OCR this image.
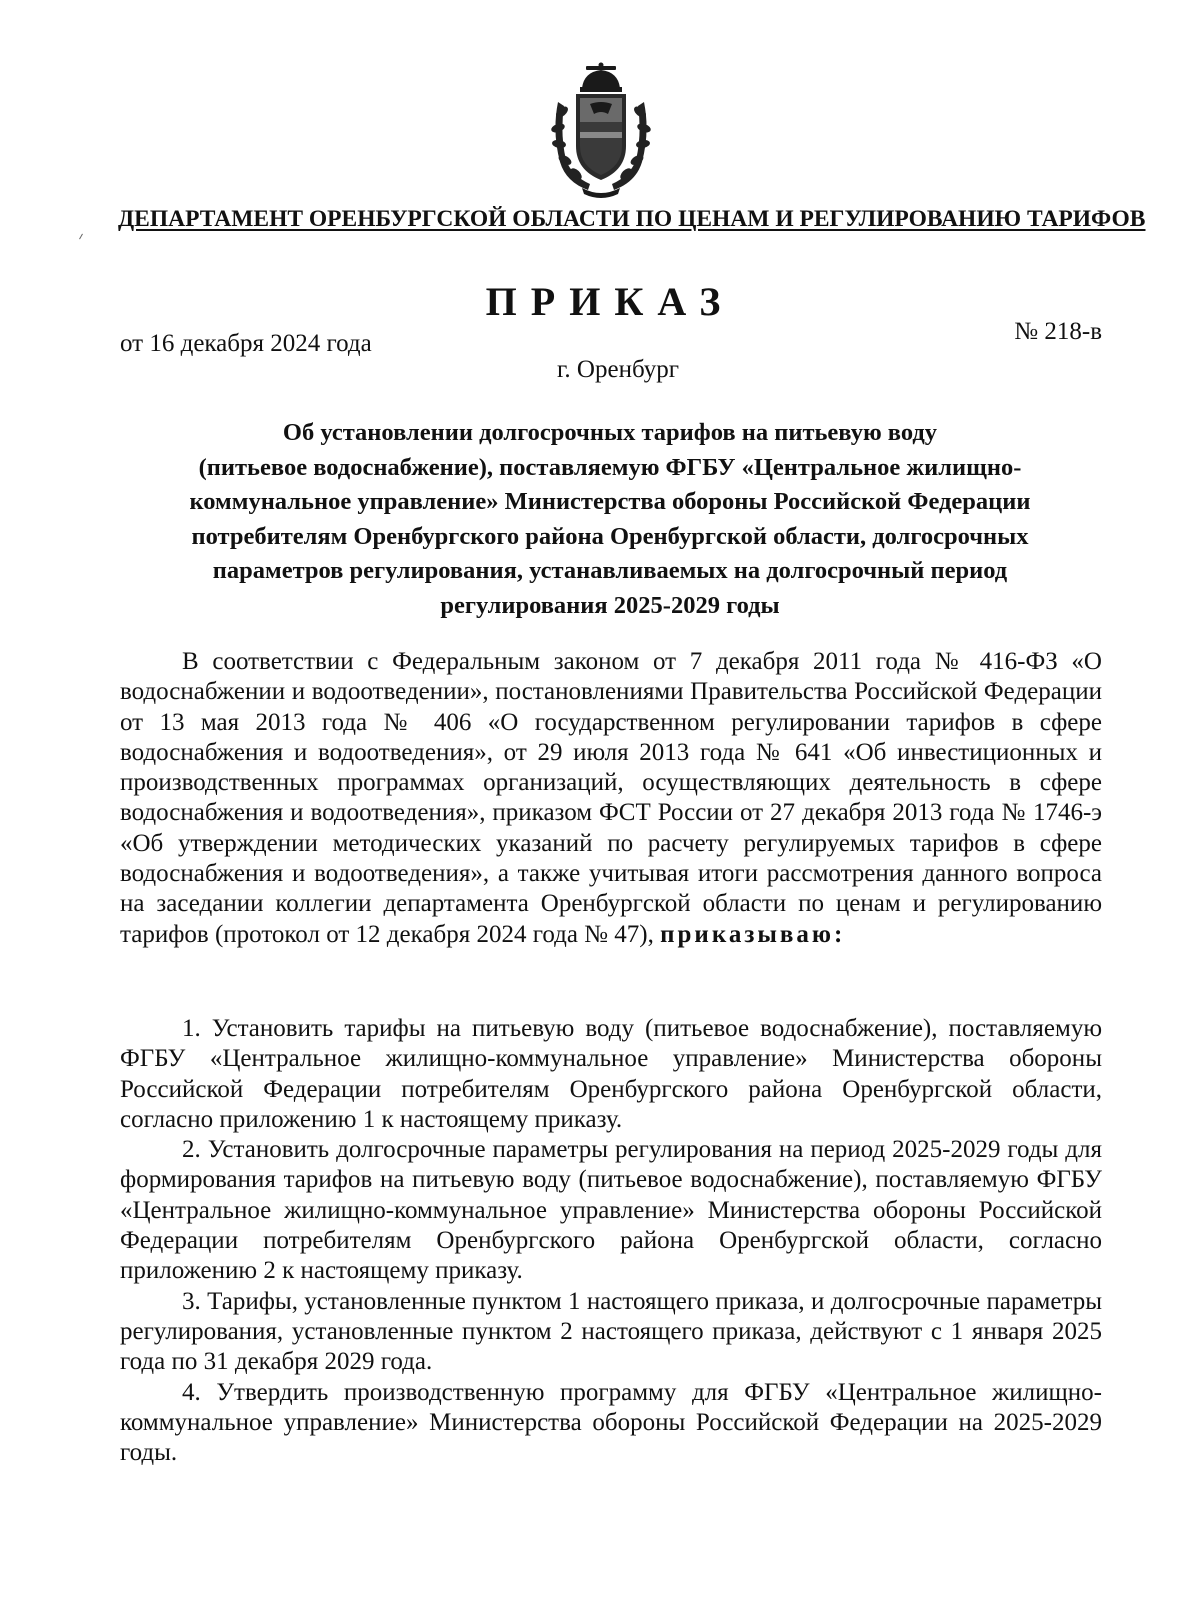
ДЕПАРТАМЕНТ ОРЕНБУРГСКОЙ ОБЛАСТИ ПО ЦЕНАМ И РЕГУЛИРОВАНИЮ ТАРИФОВ
ПРИКАЗ
от 16 декабря 2024 года	№ 218-в
г. Оренбург
Об установлении долгосрочных тарифов на питьевую воду
(питьевое водоснабжение), поставляемую ФГБУ «Центральное жилищно-
коммунальное управление» Министерства обороны Российской Федерации
потребителям Оренбургского района Оренбургской области, долгосрочных
параметров регулирования, устанавливаемых на долгосрочный период
регулирования 2025-2029 годы

В соответствии с Федеральным законом от 7 декабря 2011 года № 416-ФЗ «О водоснабжении и водоотведении», постановлениями Правительства Российской Федерации от 13 мая 2013 года № 406 «О государственном регулировании тарифов в сфере водоснабжения и водоотведения», от 29 июля 2013 года № 641 «Об инвестиционных и производственных программах организаций, осуществляющих деятельность в сфере водоснабжения и водоотведения», приказом ФСТ России от 27 декабря 2013 года № 1746-э «Об утверждении методических указаний по расчету регулируемых тарифов в сфере водоснабжения и водоотведения», а также учитывая итоги рассмотрения данного вопроса на заседании коллегии департамента Оренбургской области по ценам и регулированию тарифов (протокол от 12 декабря 2024 года № 47), приказываю:

1. Установить тарифы на питьевую воду (питьевое водоснабжение), поставляемую ФГБУ «Центральное жилищно-коммунальное управление» Министерства обороны Российской Федерации потребителям Оренбургского района Оренбургской области, согласно приложению 1 к настоящему приказу.

2. Установить долгосрочные параметры регулирования на период 2025-2029 годы для формирования тарифов на питьевую воду (питьевое водоснабжение), поставляемую ФГБУ «Центральное жилищно-коммунальное управление» Министерства обороны Российской Федерации потребителям Оренбургского района Оренбургской области, согласно приложению 2 к настоящему приказу.

3. Тарифы, установленные пунктом 1 настоящего приказа, и долгосрочные параметры регулирования, установленные пунктом 2 настоящего приказа, действуют с 1 января 2025 года по 31 декабря 2029 года.

4. Утвердить производственную программу для ФГБУ «Центральное жилищно-коммунальное управление» Министерства обороны Российской Федерации на 2025-2029 годы.
